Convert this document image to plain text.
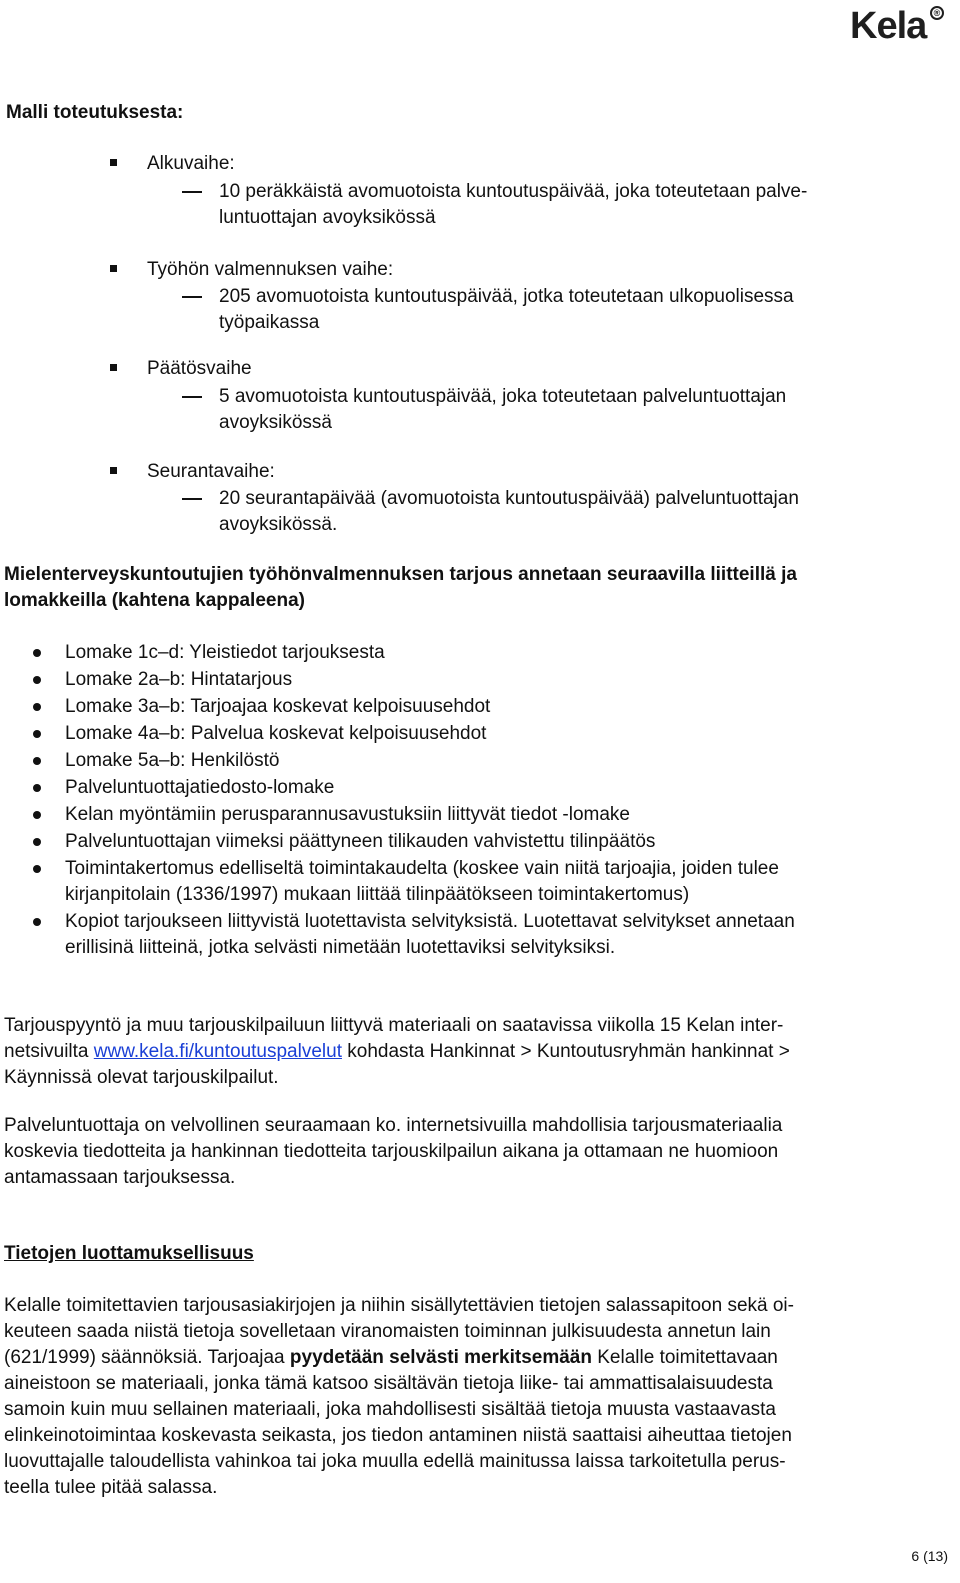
Kela ®
Malli toteutuksesta:
Alkuvaihe:
10 peräkkäistä avomuotoista kuntoutuspäivää, joka toteutetaan palve-
luntuottajan avoyksikössä
Työhön valmennuksen vaihe:
205 avomuotoista kuntoutuspäivää, jotka toteutetaan ulkopuolisessa
työpaikassa
Päätösvaihe
5 avomuotoista kuntoutuspäivää, joka toteutetaan palveluntuottajan
avoyksikössä
Seurantavaihe:
20 seurantapäivää (avomuotoista kuntoutuspäivää) palveluntuottajan
avoyksikössä.
Mielenterveyskuntoutujien työhönvalmennuksen tarjous annetaan seuraavilla liitteillä ja
lomakkeilla (kahtena kappaleena)
Lomake 1c–d: Yleistiedot tarjouksesta
Lomake 2a–b: Hintatarjous
Lomake 3a–b: Tarjoajaa koskevat kelpoisuusehdot
Lomake 4a–b: Palvelua koskevat kelpoisuusehdot
Lomake 5a–b: Henkilöstö
Palveluntuottajatiedosto-lomake
Kelan myöntämiin perusparannusavustuksiin liittyvät tiedot -lomake
Palveluntuottajan viimeksi päättyneen tilikauden vahvistettu tilinpäätös
Toimintakertomus edelliseltä toimintakaudelta (koskee vain niitä tarjoajia, joiden tulee
kirjanpitolain (1336/1997) mukaan liittää tilinpäätökseen toimintakertomus)
Kopiot tarjoukseen liittyvistä luotettavista selvityksistä. Luotettavat selvitykset annetaan
erillisinä liitteinä, jotka selvästi nimetään luotettaviksi selvityksiksi.
Tarjouspyyntö ja muu tarjouskilpailuun liittyvä materiaali on saatavissa viikolla 15 Kelan inter-
netsivuilta www.kela.fi/kuntoutuspalvelut kohdasta Hankinnat > Kuntoutusryhmän hankinnat >
Käynnissä olevat tarjouskilpailut.
Palveluntuottaja on velvollinen seuraamaan ko. internetsivuilla mahdollisia tarjousmateriaalia
koskevia tiedotteita ja hankinnan tiedotteita tarjouskilpailun aikana ja ottamaan ne huomioon
antamassaan tarjouksessa.
Tietojen luottamuksellisuus
Kelalle toimitettavien tarjousasiakirjojen ja niihin sisällytettävien tietojen salassapitoon sekä oi-
keuteen saada niistä tietoja sovelletaan viranomaisten toiminnan julkisuudesta annetun lain
(621/1999) säännöksiä. Tarjoajaa pyydetään selvästi merkitsemään Kelalle toimitettavaan
aineistoon se materiaali, jonka tämä katsoo sisältävän tietoja liike- tai ammattisalaisuudesta
samoin kuin muu sellainen materiaali, joka mahdollisesti sisältää tietoja muusta vastaavasta
elinkeinotoimintaa koskevasta seikasta, jos tiedon antaminen niistä saattaisi aiheuttaa tietojen
luovuttajalle taloudellista vahinkoa tai joka muulla edellä mainitussa laissa tarkoitetulla perus-
teella tulee pitää salassa.
6 (13)
